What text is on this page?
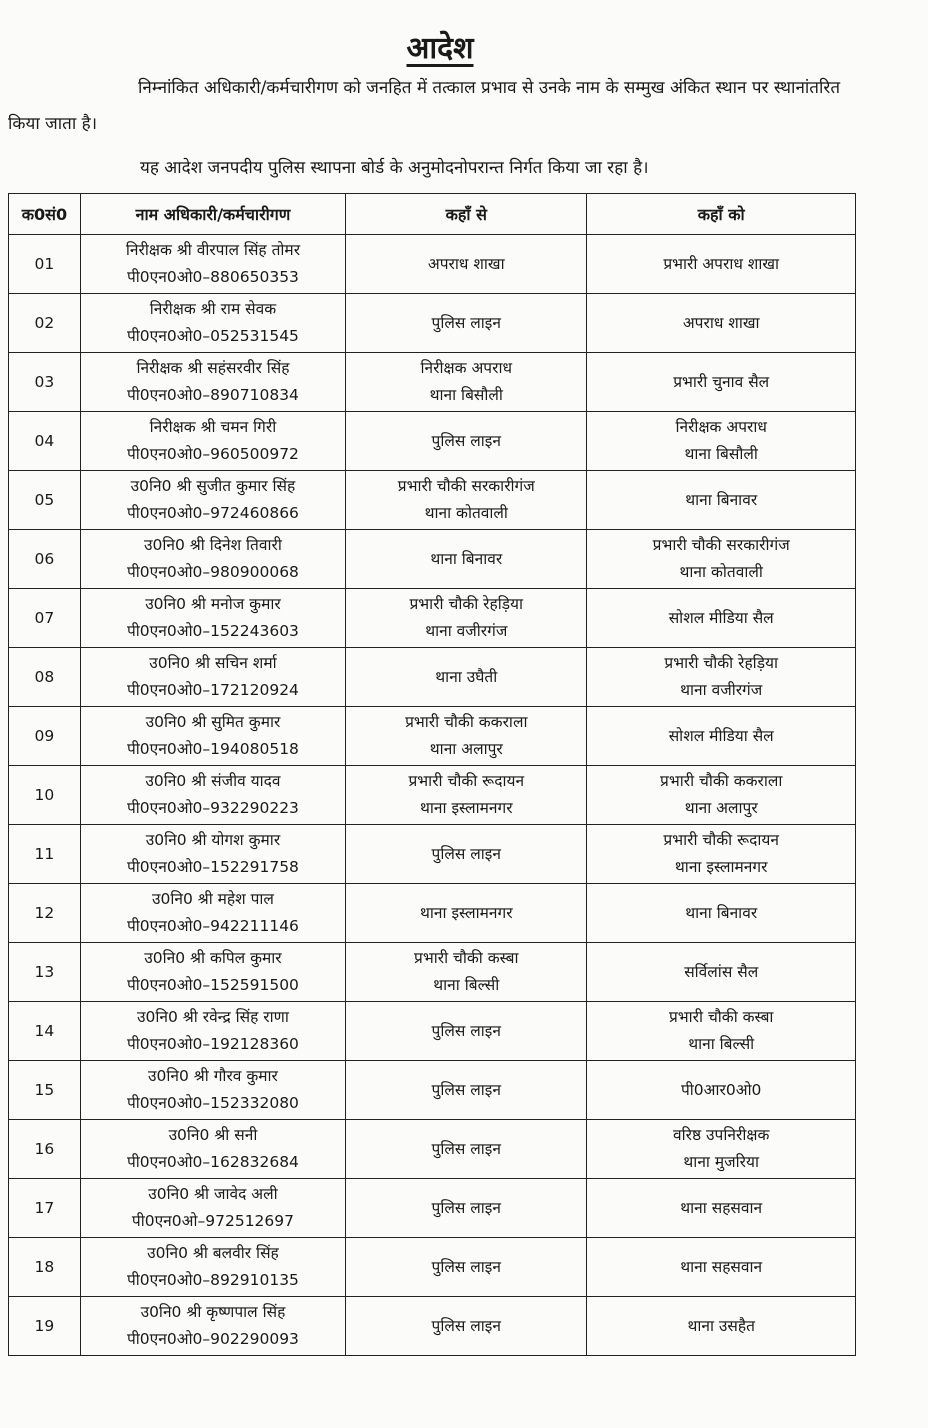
आदेश
निम्नांकित अधिकारी/कर्मचारीगण को जनहित में तत्काल प्रभाव से उनके नाम के सम्मुख अंकित स्थान पर स्थानांतरित किया जाता है।
यह आदेश जनपदीय पुलिस स्थापना बोर्ड के अनुमोदनोपरान्त निर्गत किया जा रहा है।
क0सं0	नाम अधिकारी/कर्मचारीगण	कहाँ से	कहाँ को

01	निरीक्षक श्री वीरपाल सिंह तोमर
पी0एन0ओ0–880650353	अपराध शाखा	प्रभारी अपराध शाखा

02	निरीक्षक श्री राम सेवक
पी0एन0ओ0–052531545	पुलिस लाइन	अपराध शाखा

03	निरीक्षक श्री सहंसरवीर सिंह
पी0एन0ओ0–890710834	निरीक्षक अपराध
थाना बिसौली	प्रभारी चुनाव सैल

04	निरीक्षक श्री चमन गिरी
पी0एन0ओ0–960500972	पुलिस लाइन	निरीक्षक अपराध
थाना बिसौली

05	उ0नि0 श्री सुजीत कुमार सिंह
पी0एन0ओ0–972460866	प्रभारी चौकी सरकारीगंज
थाना कोतवाली	थाना बिनावर

06	उ0नि0 श्री दिनेश तिवारी
पी0एन0ओ0–980900068	थाना बिनावर	प्रभारी चौकी सरकारीगंज
थाना कोतवाली

07	उ0नि0 श्री मनोज कुमार
पी0एन0ओ0–152243603	प्रभारी चौकी रेहड़िया
थाना वजीरगंज	सोशल मीडिया सैल

08	उ0नि0 श्री सचिन शर्मा
पी0एन0ओ0–172120924	थाना उघैती	प्रभारी चौकी रेहड़िया
थाना वजीरगंज

09	उ0नि0 श्री सुमित कुमार
पी0एन0ओ0–194080518	प्रभारी चौकी ककराला
थाना अलापुर	सोशल मीडिया सैल

10	उ0नि0 श्री संजीव यादव
पी0एन0ओ0–932290223	प्रभारी चौकी रूदायन
थाना इस्लामनगर	प्रभारी चौकी ककराला
थाना अलापुर

11	उ0नि0 श्री योगश कुमार
पी0एन0ओ0–152291758	पुलिस लाइन	प्रभारी चौकी रूदायन
थाना इस्लामनगर

12	उ0नि0 श्री महेश पाल
पी0एन0ओ0–942211146	थाना इस्लामनगर	थाना बिनावर

13	उ0नि0 श्री कपिल कुमार
पी0एन0ओ0–152591500	प्रभारी चौकी कस्बा
थाना बिल्सी	सर्विलांस सैल

14	उ0नि0 श्री रवेन्द्र सिंह राणा
पी0एन0ओ0–192128360	पुलिस लाइन	प्रभारी चौकी कस्बा
थाना बिल्सी

15	उ0नि0 श्री गौरव कुमार
पी0एन0ओ0–152332080	पुलिस लाइन	पी0आर0ओ0

16	उ0नि0 श्री सनी
पी0एन0ओ0–162832684	पुलिस लाइन	वरिष्ठ उपनिरीक्षक
थाना मुजरिया

17	उ0नि0 श्री जावेद अली
पी0एन0ओ–972512697	पुलिस लाइन	थाना सहसवान

18	उ0नि0 श्री बलवीर सिंह
पी0एन0ओ0–892910135	पुलिस लाइन	थाना सहसवान

19	उ0नि0 श्री कृष्णपाल सिंह
पी0एन0ओ0–902290093	पुलिस लाइन	थाना उसहैत
